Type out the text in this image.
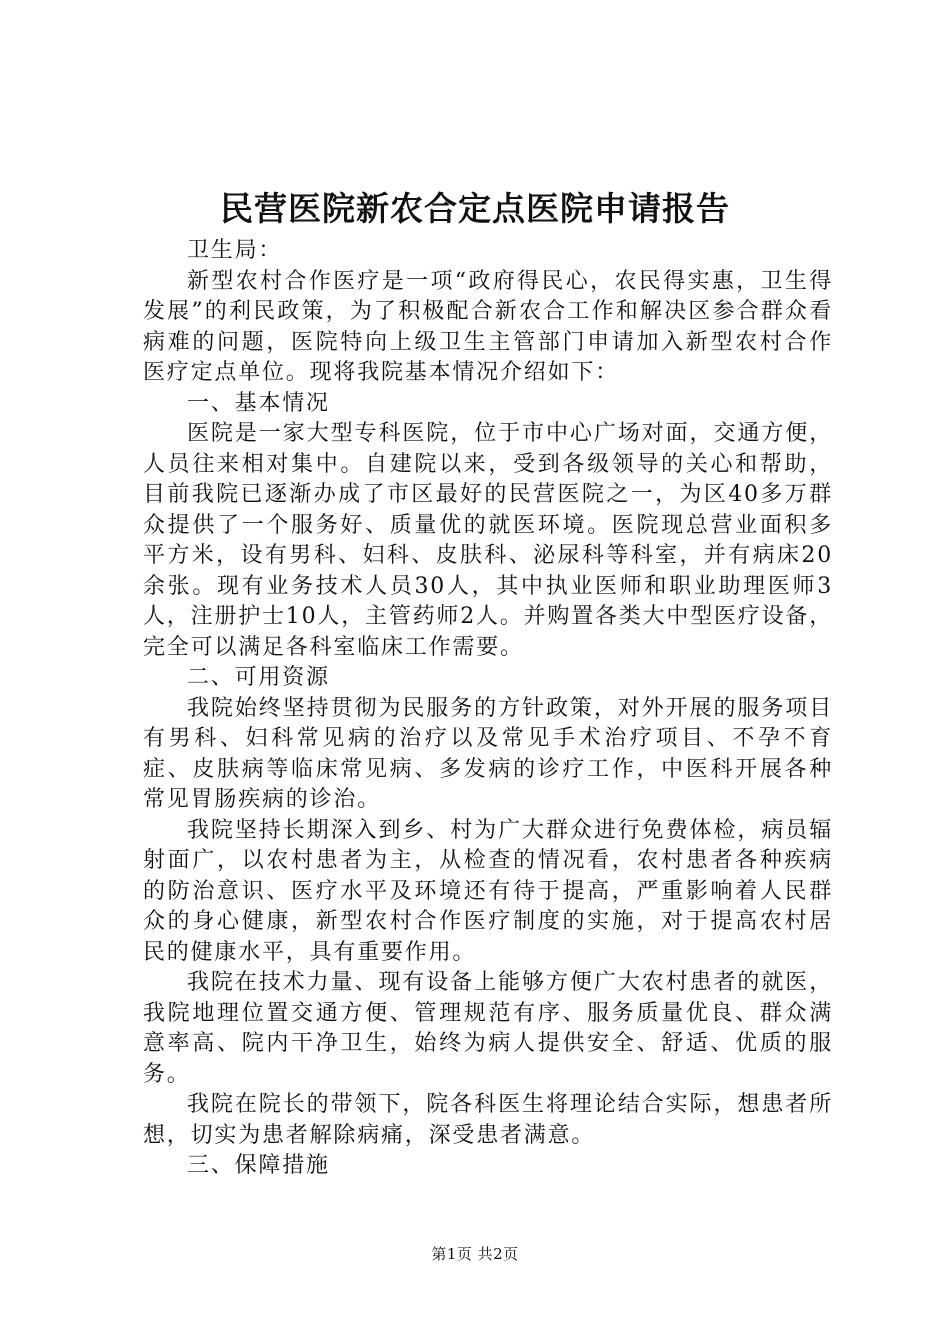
民营医院新农合定点医院申请报告

卫生局：

新型农村合作医疗是一项“政府得民心，农民得实惠，卫生得发展”的利民政策，为了积极配合新农合工作和解决区参合群众看病难的问题，医院特向上级卫生主管部门申请加入新型农村合作医疗定点单位。现将我院基本情况介绍如下：

一、基本情况

医院是一家大型专科医院，位于市中心广场对面，交通方便，人员往来相对集中。自建院以来，受到各级领导的关心和帮助，目前我院已逐渐办成了市区最好的民营医院之一，为区40多万群众提供了一个服务好、质量优的就医环境。医院现总营业面积多平方米，设有男科、妇科、皮肤科、泌尿科等科室，并有病床20余张。现有业务技术人员30人，其中执业医师和职业助理医师3人，注册护士10人，主管药师2人。并购置各类大中型医疗设备，完全可以满足各科室临床工作需要。

二、可用资源

我院始终坚持贯彻为民服务的方针政策，对外开展的服务项目有男科、妇科常见病的治疗以及常见手术治疗项目、不孕不育症、皮肤病等临床常见病、多发病的诊疗工作，中医科开展各种常见胃肠疾病的诊治。

我院坚持长期深入到乡、村为广大群众进行免费体检，病员辐射面广，以农村患者为主，从检查的情况看，农村患者各种疾病的防治意识、医疗水平及环境还有待于提高，严重影响着人民群众的身心健康，新型农村合作医疗制度的实施，对于提高农村居民的健康水平，具有重要作用。

我院在技术力量、现有设备上能够方便广大农村患者的就医，我院地理位置交通方便、管理规范有序、服务质量优良、群众满意率高、院内干净卫生，始终为病人提供安全、舒适、优质的服务。

我院在院长的带领下，院各科医生将理论结合实际，想患者所想，切实为患者解除病痛，深受患者满意。

三、保障措施

第1页 共2页
